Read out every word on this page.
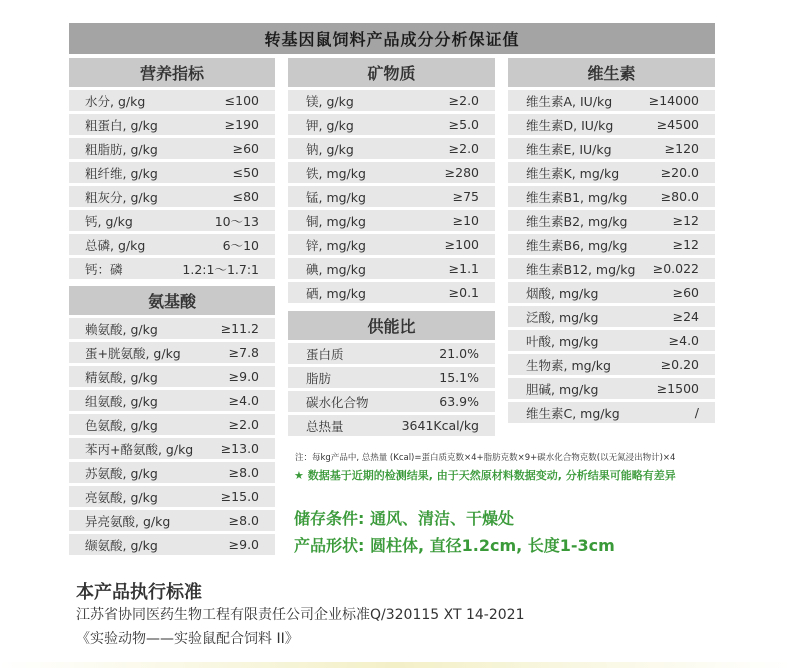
转基因鼠饲料产品成分分析保证值
营养指标
水分, g/kg	≤100
粗蛋白, g/kg	≥190
粗脂肪, g/kg	≥60
粗纤维, g/kg	≤50
粗灰分, g/kg	≤80
钙, g/kg	10～13
总磷, g/kg	6～10
钙：磷	1.2:1～1.7:1
氨基酸
赖氨酸, g/kg	≥11.2
蛋+胱氨酸, g/kg	≥7.8
精氨酸, g/kg	≥9.0
组氨酸, g/kg	≥4.0
色氨酸, g/kg	≥2.0
苯丙+酪氨酸, g/kg ≥13.0
苏氨酸, g/kg	≥8.0
亮氨酸, g/kg	≥15.0
异亮氨酸, g/kg	≥8.0
缬氨酸, g/kg	≥9.0
矿物质
镁, g/kg	≥2.0
钾, g/kg	≥5.0
钠, g/kg	≥2.0
铁, mg/kg	≥280
锰, mg/kg	≥75
铜, mg/kg	≥10
锌, mg/kg	≥100
碘, mg/kg	≥1.1
硒, mg/kg	≥0.1
供能比
蛋白质	21.0%
脂肪	15.1%
碳水化合物	63.9%
总热量	3641Kcal/kg
维生素
维生素A, IU/kg	≥14000
维生素D, IU/kg	≥4500
维生素E, IU/kg	≥120
维生素K, mg/kg	≥20.0
维生素B1, mg/kg	≥80.0
维生素B2, mg/kg	≥12
维生素B6, mg/kg	≥12
维生素B12, mg/kg ≥0.022
烟酸, mg/kg	≥60
泛酸, mg/kg	≥24
叶酸, mg/kg	≥4.0
生物素, mg/kg	≥0.20
胆碱, mg/kg	≥1500
维生素C, mg/kg	/
注：每kg产品中, 总热量 (Kcal)=蛋白质克数×4+脂肪克数×9+碳水化合物克数(以无氮浸出物计)×4
★ 数据基于近期的检测结果, 由于天然原材料数据变动, 分析结果可能略有差异
储存条件: 通风、清洁、干燥处
产品形状: 圆柱体, 直径1.2cm, 长度1-3cm
本产品执行标准
江苏省协同医药生物工程有限责任公司企业标准Q/320115 XT 14-2021
《实验动物——实验鼠配合饲料 II》
